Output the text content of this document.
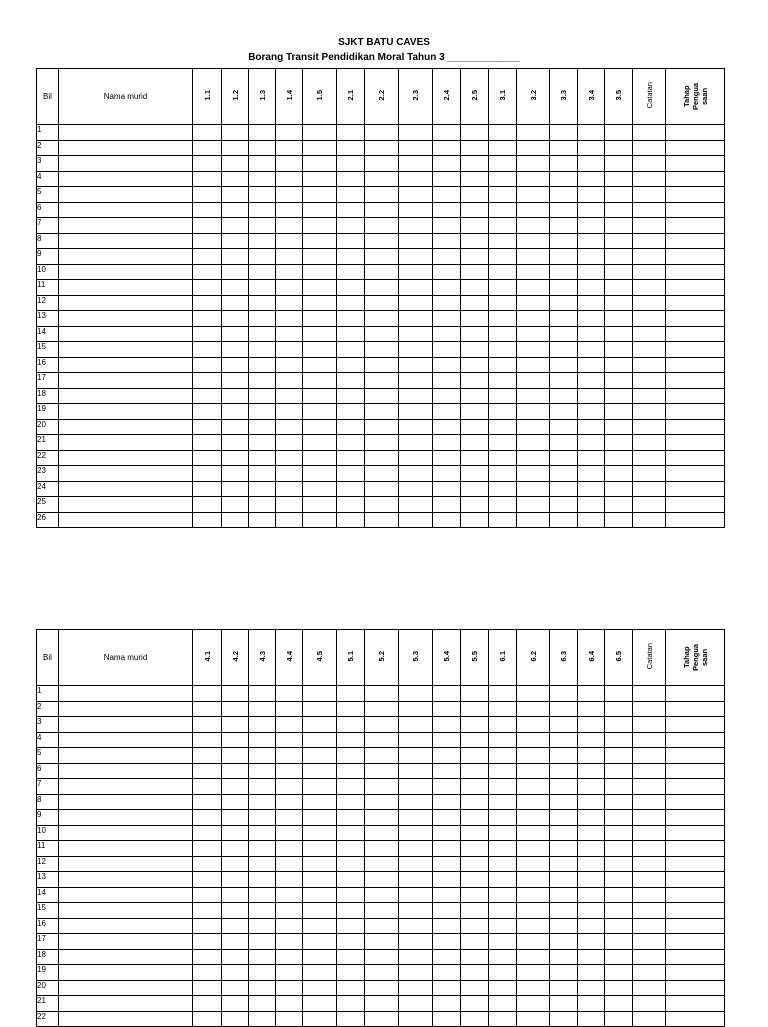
SJKT BATU CAVES
Borang Transit Pendidikan Moral Tahun 3 _____________
Bil	Nama murid	1.1	1.2	1.3	1.4	1.5	2.1	2.2	2.3	2.4	2.5	3.1	3.2	3.3	3.4	3.5	Catatan	Tahap Pengua saan
1																		
2																		
3																		
4																		
5																		
6																		
7																		
8																		
9																		
10																		
11																		
12																		
13																		
14																		
15																		
16																		
17																		
18																		
19																		
20																		
21																		
22																		
23																		
24																		
25																		
26																		
Bil	Nama murid	4.1	4.2	4.3	4.4	4.5	5.1	5.2	5.3	5.4	5.5	6.1	6.2	6.3	6.4	6.5	Catatan	Tahap Pengua saan
1																		
2																		
3																		
4																		
5																		
6																		
7																		
8																		
9																		
10																		
11																		
12																		
13																		
14																		
15																		
16																		
17																		
18																		
19																		
20																		
21																		
22																		
